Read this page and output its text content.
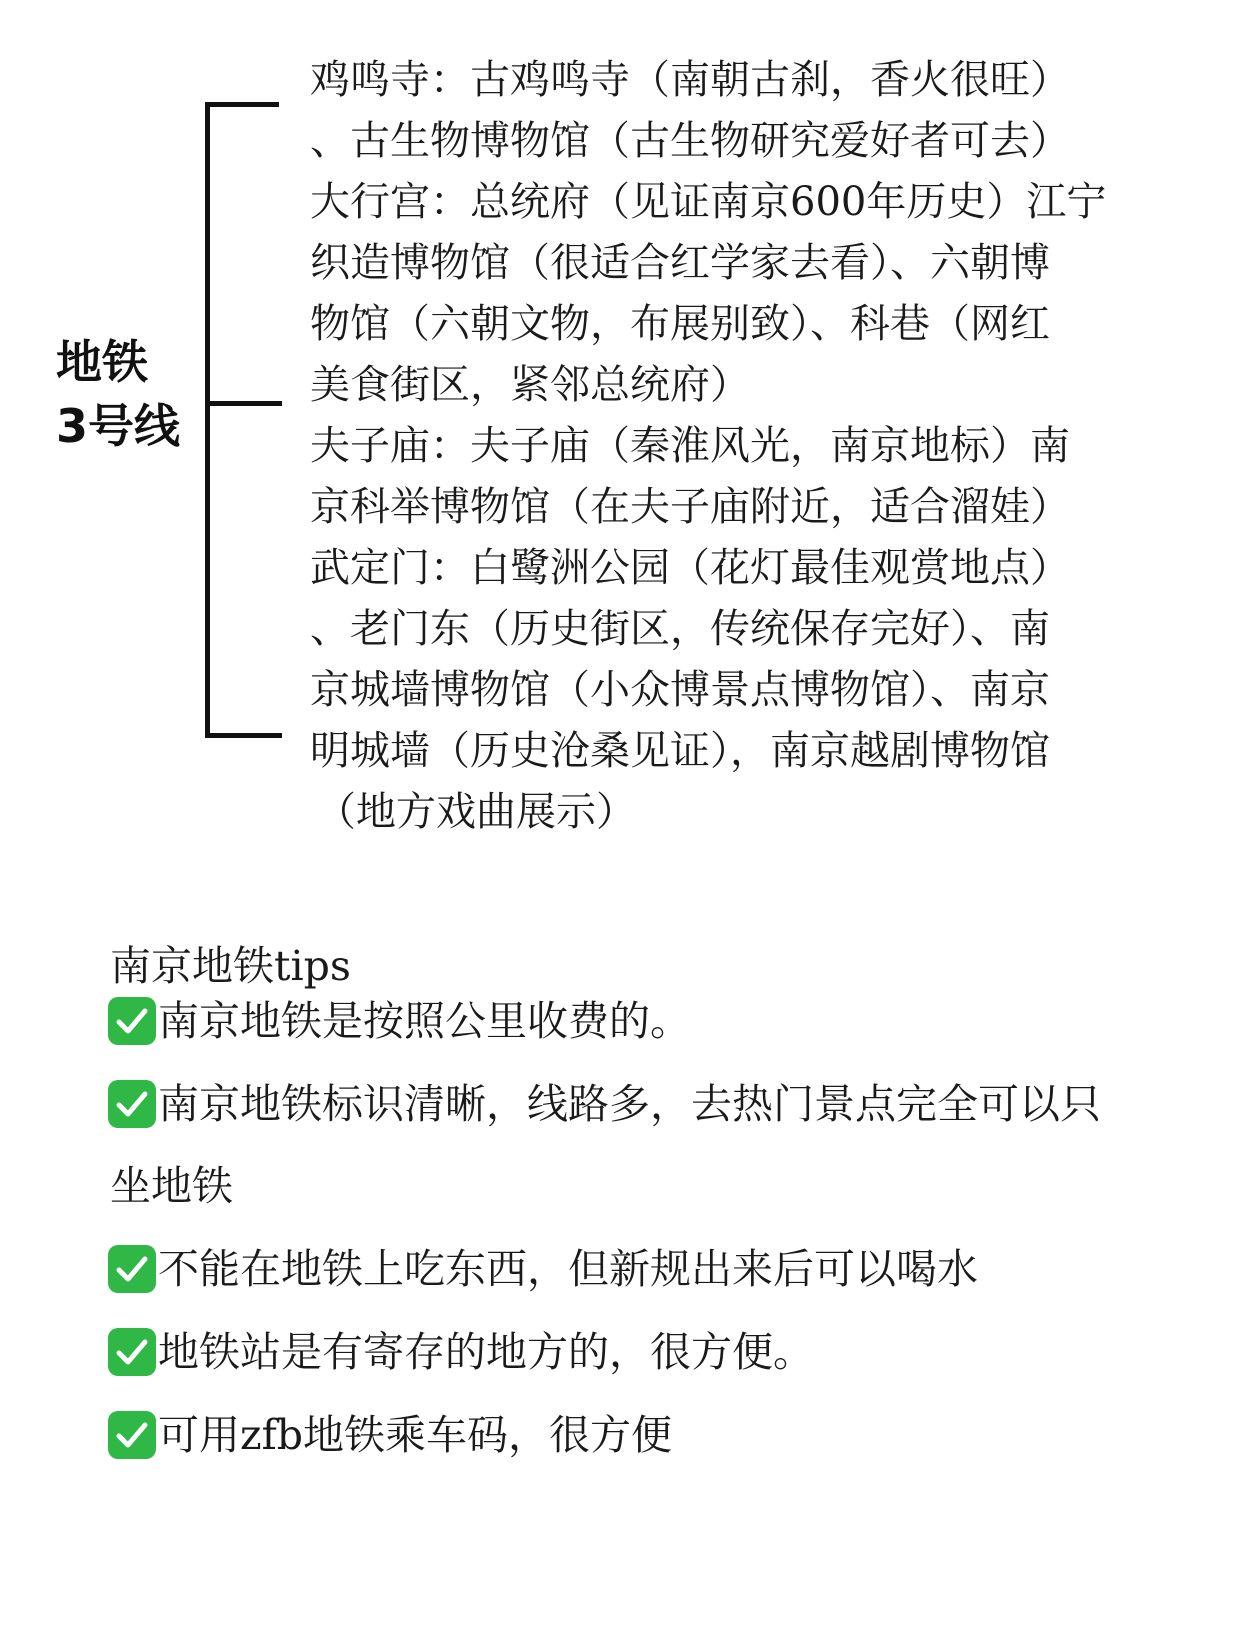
地铁
3号线

鸡鸣寺：古鸡鸣寺（南朝古刹，香火很旺）

、古生物博物馆（古生物研究爱好者可去）

大行宫：总统府（见证南京600年历史）江宁

织造博物馆（很适合红学家去看）、六朝博

物馆（六朝文物，布展别致）、科巷（网红

美食街区，紧邻总统府）

夫子庙：夫子庙（秦淮风光，南京地标）南

京科举博物馆（在夫子庙附近，适合溜娃）

武定门：白鹭洲公园（花灯最佳观赏地点）

、老门东（历史街区，传统保存完好）、南

京城墙博物馆（小众博景点博物馆）、南京

明城墙（历史沧桑见证），南京越剧博物馆

（地方戏曲展示）

南京地铁tips

南京地铁是按照公里收费的。
南京地铁标识清晰，线路多，去热门景点完全可以只

坐地铁

不能在地铁上吃东西，但新规出来后可以喝水
地铁站是有寄存的地方的，很方便。
可用zfb地铁乘车码，很方便
